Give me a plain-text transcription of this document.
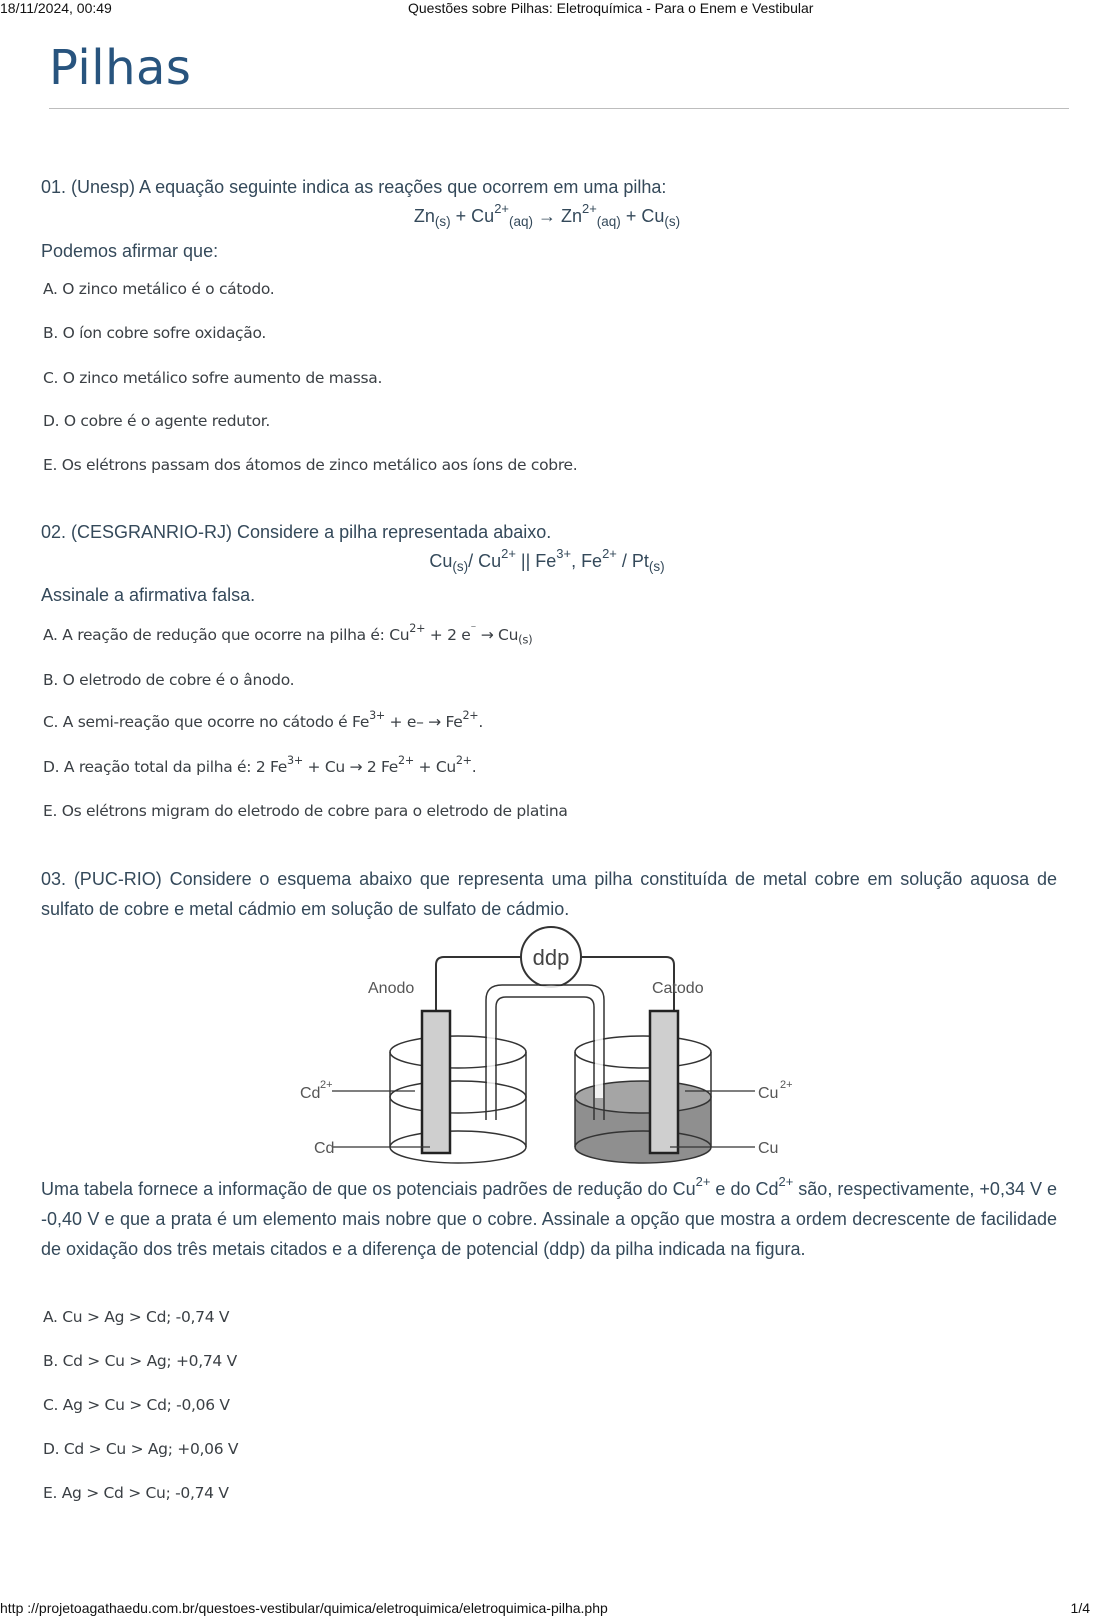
18/11/2024, 00:49	Questões sobre Pilhas: Eletroquímica - Para o Enem e Vestibular
Pilhas
01. (Unesp) A equação seguinte indica as reações que ocorrem em uma pilha:
$Zn_{(s)} + Cu^{2+}_{(aq)} \to Zn^{2+}_{(aq)} + Cu_{(s)}$
Podemos afirmar que:
A. O zinco metálico é o cátodo.
B. O íon cobre sofre oxidação.
C. O zinco metálico sofre aumento de massa.
D. O cobre é o agente redutor.
E. Os elétrons passam dos átomos de zinco metálico aos íons de cobre.
02. (CESGRANRIO-RJ) Considere a pilha representada abaixo.
$Cu_{(s)}/$ $Cu^{2+}$ || $Fe^{3+}$, $Fe^{2+} / Pt_{(s)}$
Assinale a afirmativa falsa.
A. A reação de redução que ocorre na pilha é: $Cu^{2+} + 2$ $e^{^-} \to Cu_{(s)}$
B. O eletrodo de cobre é o ânodo.
C. A semi-reação que ocorre no cátodo é $Fe^{3+} + e- \to Fe^{2+}$.
D. A reação total da pilha é: 2 $Fe^{3+} + Cu \to 2$ $Fe^{2+} + Cu^{2+}$.
E. Os elétrons migram do eletrodo de cobre para o eletrodo de platina
03. (PUC-RIO) Considere o esquema abaixo que representa uma pilha constituída de metal cobre em solução aquosa de sulfato de cobre e metal cádmio em solução de sulfato de cádmio.
ddp
Anodo	Catodo
Cd 2+
Cd
Cu 2+
Cu
Uma tabela fornece a informação de que os potenciais padrões de redução do $Cu^{2+}$ e do $Cd^{2+}$ são, respectivamente, +0,34 V e -0,40 V e que a prata é um elemento mais nobre que o cobre. Assinale a opção que mostra a ordem decrescente de facilidade de oxidação dos três metais citados e a diferença de potencial (ddp) da pilha indicada na figura.
A. Cu > Ag > Cd; -0,74 V
B. Cd > Cu > Ag; +0,74 V
C. Ag > Cu > Cd; -0,06 V
D. Cd > Cu > Ag; +0,06 V
E. Ag > Cd > Cu; -0,74 V
http ://projetoagathaedu.com.br/questoes-vestibular/quimica/eletroquimica/eletroquimica-pilha.php	1/4
